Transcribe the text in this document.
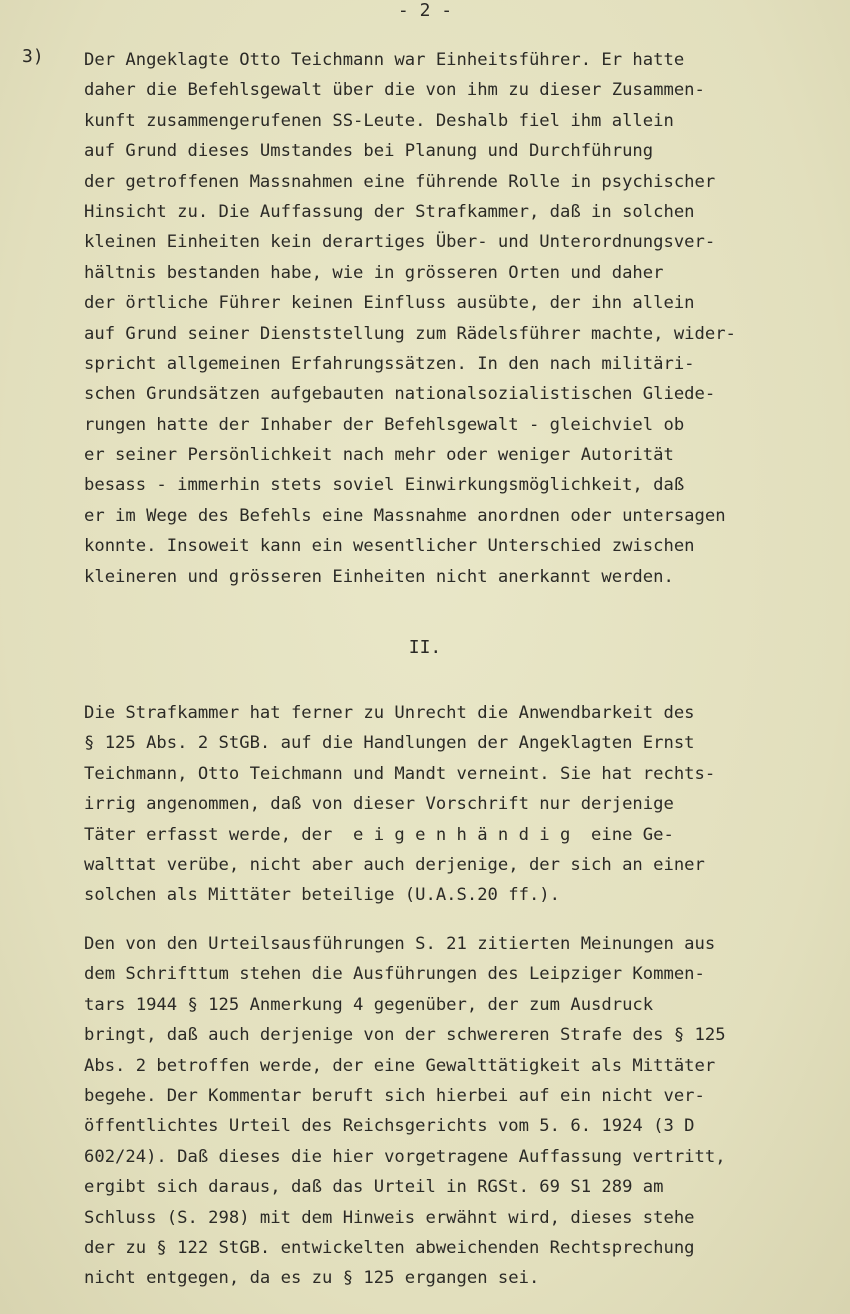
- 2 -
3) Der Angeklagte Otto Teichmann war Einheitsführer. Er hatte
daher die Befehlsgewalt über die von ihm zu dieser Zusammen-
kunft zusammengerufenen SS-Leute. Deshalb fiel ihm allein
auf Grund dieses Umstandes bei Planung und Durchführung
der getroffenen Massnahmen eine führende Rolle in psychischer
Hinsicht zu. Die Auffassung der Strafkammer, daß in solchen
kleinen Einheiten kein derartiges Über- und Unterordnungsver-
hältnis bestanden habe, wie in grösseren Orten und daher
der örtliche Führer keinen Einfluss ausübte, der ihn allein
auf Grund seiner Dienststellung zum Rädelsführer machte, wider-
spricht allgemeinen Erfahrungssätzen. In den nach militäri-
schen Grundsätzen aufgebauten nationalsozialistischen Gliede-
rungen hatte der Inhaber der Befehlsgewalt - gleichviel ob
er seiner Persönlichkeit nach mehr oder weniger Autorität
besass - immerhin stets soviel Einwirkungsmöglichkeit, daß
er im Wege des Befehls eine Massnahme anordnen oder untersagen
konnte. Insoweit kann ein wesentlicher Unterschied zwischen
kleineren und grösseren Einheiten nicht anerkannt werden.
II.
Die Strafkammer hat ferner zu Unrecht die Anwendbarkeit des
§ 125 Abs. 2 StGB. auf die Handlungen der Angeklagten Ernst
Teichmann, Otto Teichmann und Mandt verneint. Sie hat rechts-
irrig angenommen, daß von dieser Vorschrift nur derjenige
Täter erfasst werde, der  e i g e n h ä n d i g  eine Ge-
walttat verübe, nicht aber auch derjenige, der sich an einer
solchen als Mittäter beteilige (U.A.S.20 ff.).
Den von den Urteilsausführungen S. 21 zitierten Meinungen aus
dem Schrifttum stehen die Ausführungen des Leipziger Kommen-
tars 1944 § 125 Anmerkung 4 gegenüber, der zum Ausdruck
bringt, daß auch derjenige von der schwereren Strafe des § 125
Abs. 2 betroffen werde, der eine Gewalttätigkeit als Mittäter
begehe. Der Kommentar beruft sich hierbei auf ein nicht ver-
öffentlichtes Urteil des Reichsgerichts vom 5. 6. 1924 (3 D
602/24). Daß dieses die hier vorgetragene Auffassung vertritt,
ergibt sich daraus, daß das Urteil in RGSt. 69 S1 289 am
Schluss (S. 298) mit dem Hinweis erwähnt wird, dieses stehe
der zu § 122 StGB. entwickelten abweichenden Rechtsprechung
nicht entgegen, da es zu § 125 ergangen sei.
